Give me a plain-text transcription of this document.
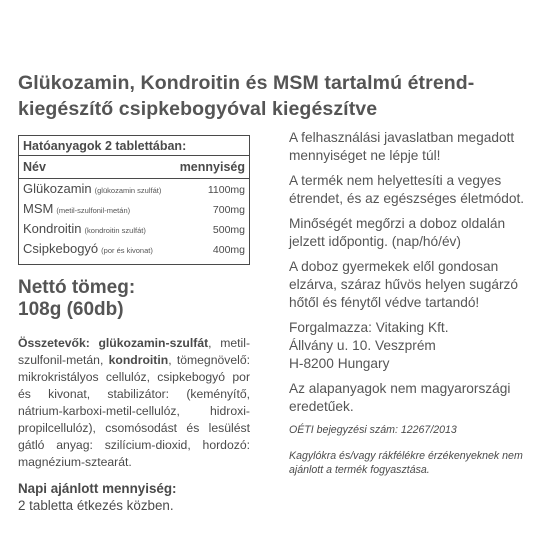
Glükozamin, Kondroitin és MSM tartalmú étrend-
kiegészítő csipkebogyóval kiegészítve
Hatóanyagok 2 tablettában:
Név	mennyiség
Glükozamin (glükozamin szulfát)	1100mg
MSM (metil-szulfonil-metán)	700mg
Kondroitin (kondroitin szulfát)	500mg
Csipkebogyó (por és kivonat)	400mg
Nettó tömeg:
108g (60db)
Összetevők: glükozamin-szulfát, metil-szulfonil-metán, kondroitin, tömegnövelő: mikrokristályos cellulóz, csipkebogyó por és kivonat, stabilizátor: (keményítő, nátrium-karboxi-metil-cellulóz, hidroxi-propilcellulóz), csomósodást és lesülést gátló anyag: szilícium-dioxid, hordozó: magnézium-sztearát.
Napi ajánlott mennyiség:
2 tabletta étkezés közben.

A felhasználási javaslatban megadott mennyiséget ne lépje túl!

A termék nem helyettesíti a vegyes étrendet, és az egészséges életmódot.

Minőségét megőrzi a doboz oldalán jelzett időpontig. (nap/hó/év)

A doboz gyermekek elől gondosan elzárva, száraz hűvös helyen sugárzó hőtől és fénytől védve tartandó!

Forgalmazza: Vitaking Kft.
Állvány u. 10. Veszprém
H-8200 Hungary

Az alapanyagok nem magyarországi eredetűek.

OÉTI bejegyzési szám: 12267/2013

Kagylókra és/vagy rákfélékre érzékenyeknek nem ajánlott a termék fogyasztása.
